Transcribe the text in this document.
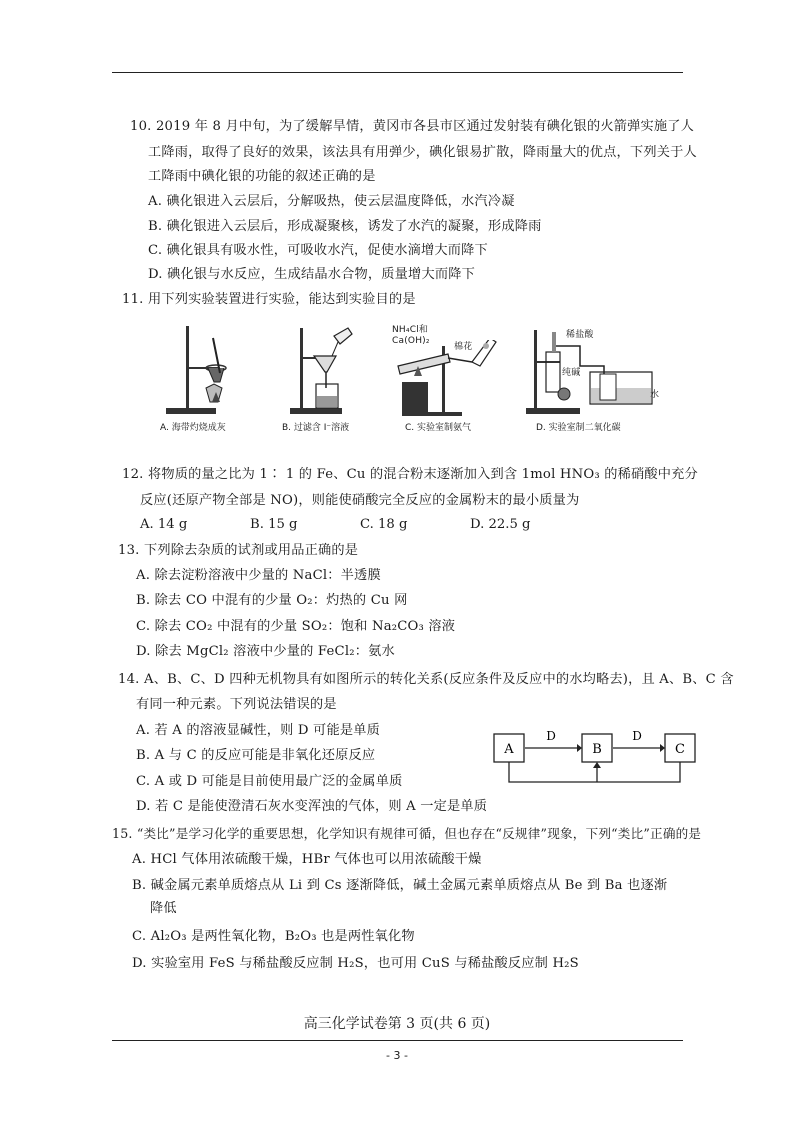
10. 2019 年 8 月中旬，为了缓解旱情，黄冈市各县市区通过发射装有碘化银的火箭弹实施了人
工降雨，取得了良好的效果，该法具有用弹少，碘化银易扩散，降雨量大的优点，下列关于人
工降雨中碘化银的功能的叙述正确的是
A. 碘化银进入云层后，分解吸热，使云层温度降低，水汽冷凝
B. 碘化银进入云层后，形成凝聚核，诱发了水汽的凝聚，形成降雨
C. 碘化银具有吸水性，可吸收水汽，促使水滴增大而降下
D. 碘化银与水反应，生成结晶水合物，质量增大而降下
11. 用下列实验装置进行实验，能达到实验目的是
A. 海带灼烧成灰	B. 过滤含 I⁻溶液
NH₄Cl和
Ca(OH)₂
棉花
C. 实验室制氨气
稀盐酸
纯碱
水
D. 实验室制二氧化碳
12. 将物质的量之比为 1∶ 1 的 Fe、Cu 的混合粉末逐渐加入到含 1mol HNO₃ 的稀硝酸中充分
反应(还原产物全部是 NO)，则能使硝酸完全反应的金属粉末的最小质量为
A. 14 g	B. 15 g	C. 18 g	D. 22.5 g
13. 下列除去杂质的试剂或用品正确的是
A. 除去淀粉溶液中少量的 NaCl：半透膜
B. 除去 CO 中混有的少量 O₂：灼热的 Cu 网
C. 除去 CO₂ 中混有的少量 SO₂：饱和 Na₂CO₃ 溶液
D. 除去 MgCl₂ 溶液中少量的 FeCl₂：氨水
14. A、B、C、D 四种无机物具有如图所示的转化关系(反应条件及反应中的水均略去)，且 A、B、C 含
有同一种元素。下列说法错误的是
A. 若 A 的溶液显碱性，则 D 可能是单质
B. A 与 C 的反应可能是非氧化还原反应
C. A 或 D 可能是目前使用最广泛的金属单质
D. 若 C 是能使澄清石灰水变浑浊的气体，则 A 一定是单质
A	B	C
D	D
15. “类比”是学习化学的重要思想，化学知识有规律可循，但也存在“反规律”现象，下列“类比”正确的是
A. HCl 气体用浓硫酸干燥，HBr 气体也可以用浓硫酸干燥
B. 碱金属元素单质熔点从 Li 到 Cs 逐渐降低，碱土金属元素单质熔点从 Be 到 Ba 也逐渐
降低
C. Al₂O₃ 是两性氧化物，B₂O₃ 也是两性氧化物
D. 实验室用 FeS 与稀盐酸反应制 H₂S，也可用 CuS 与稀盐酸反应制 H₂S
高三化学试卷第 3 页(共 6 页)
- 3 -
